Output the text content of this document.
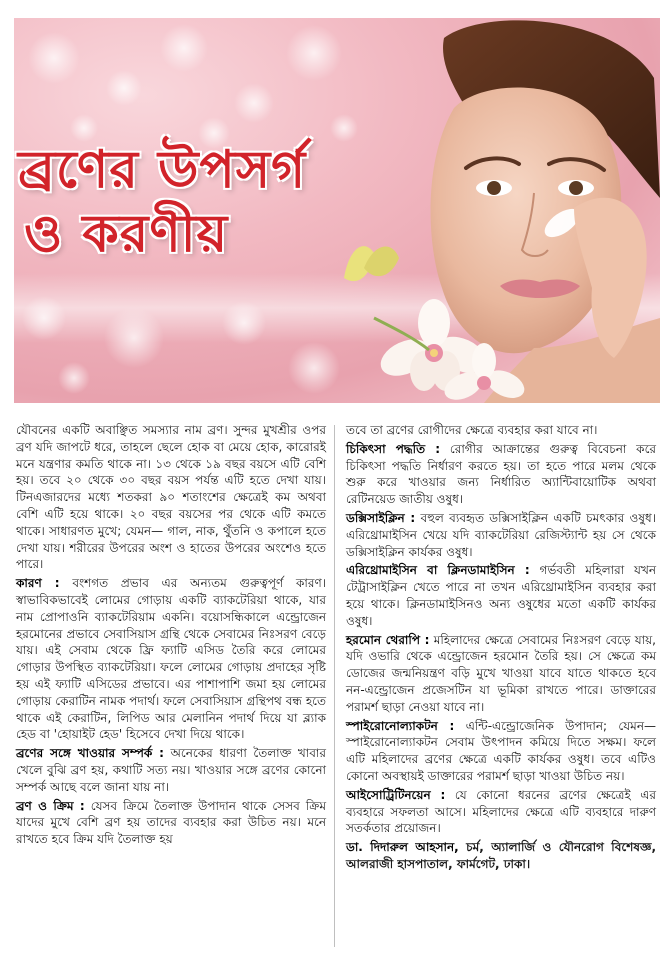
ব্রণের উপসর্গ
ও করণীয়

যৌবনের একটি অবাঞ্ছিত সমস্যার নাম ব্রণ। সুন্দর মুখশ্রীর ওপর ব্রণ যদি জাপটে ধরে, তাহলে ছেলে হোক বা মেয়ে হোক, কারোরই মনে যন্ত্রণার কমতি থাকে না। ১৩ থেকে ১৯ বছর বয়সে এটি বেশি হয়। তবে ২০ থেকে ৩০ বছর বয়স পর্যন্ত এটি হতে দেখা যায়। টিনএজারদের মধ্যে শতকরা ৯০ শতাংশের ক্ষেত্রেই কম অথবা বেশি এটি হয়ে থাকে। ২০ বছর বয়সের পর থেকে এটি কমতে থাকে। সাধারণত মুখে; যেমন— গাল, নাক, থুঁতনি ও কপালে হতে দেখা যায়। শরীরের উপরের অংশ ও হাতের উপরের অংশেও হতে পারে।

কারণ : বংশগত প্রভাব এর অন্যতম গুরুত্বপূর্ণ কারণ। স্বাভাবিকভাবেই লোমের গোড়ায় একটি ব্যাকটেরিয়া থাকে, যার নাম প্রোপাওনি ব্যাকটেরিয়াম একনি। বয়োসন্ধিকালে এন্ড্রোজেন হরমোনের প্রভাবে সেবাসিয়াস গ্রন্থি থেকে সেবামের নিঃসরণ বেড়ে যায়। এই সেবাম থেকে ফ্রি ফ্যাটি এসিড তৈরি করে লোমের গোড়ার উপস্থিত ব্যাকটেরিয়া। ফলে লোমের গোড়ায় প্রদাহের সৃষ্টি হয় এই ফ্যাটি এসিডের প্রভাবে। এর পাশাপাশি জমা হয় লোমের গোড়ায় কেরাটিন নামক পদার্থ। ফলে সেবাসিয়াস গ্রন্থিপথ বন্ধ হতে থাকে এই কেরাটিন, লিপিড আর মেলানিন পদার্থ দিয়ে যা ব্ল্যাক হেড বা 'হোয়াইট হেড' হিসেবে দেখা দিয়ে থাকে।

ব্রণের সঙ্গে খাওয়ার সম্পর্ক : অনেকের ধারণা তৈলাক্ত খাবার খেলে বুঝি ব্রণ হয়, কথাটি সত্য নয়। খাওয়ার সঙ্গে ব্রণের কোনো সম্পর্ক আছে বলে জানা যায় না।

ব্রণ ও ক্রিম : যেসব ক্রিমে তৈলাক্ত উপাদান থাকে সেসব ক্রিম যাদের মুখে বেশি ব্রণ হয় তাদের ব্যবহার করা উচিত নয়। মনে রাখতে হবে ক্রিম যদি তৈলাক্ত হয়

তবে তা ব্রণের রোগীদের ক্ষেত্রে ব্যবহার করা যাবে না।

চিকিৎসা পদ্ধতি : রোগীর আক্রান্তের গুরুত্ব বিবেচনা করে চিকিৎসা পদ্ধতি নির্ধারণ করতে হয়। তা হতে পারে মলম থেকে শুরু করে খাওয়ার জন্য নির্ধারিত অ্যান্টিবায়োটিক অথবা রেটিনয়েড জাতীয় ওষুধ।

ডক্সিসাইক্লিন : বহুল ব্যবহৃত ডক্সিসাইক্লিন একটি চমৎকার ওষুধ। এরিথ্রোমাইসিন খেয়ে যদি ব্যাকটেরিয়া রেজিস্ট্যান্ট হয় সে থেকে ডক্সিসাইক্লিন কার্যকর ওষুধ।

এরিথ্রোমাইসিন বা ক্লিনডামাইসিন : গর্ভবতী মহিলারা যখন টেট্রাসাইক্লিন খেতে পারে না তখন এরিথ্রোমাইসিন ব্যবহার করা হয়ে থাকে। ক্লিনডামাইসিনও অন্য ওষুধের মতো একটি কার্যকর ওষুধ।

হরমোন থেরাপি : মহিলাদের ক্ষেত্রে সেবামের নিঃসরণ বেড়ে যায়, যদি ওভারি থেকে এন্ড্রোজেন হরমোন তৈরি হয়। সে ক্ষেত্রে কম ডোজের জন্মনিয়ন্ত্রণ বড়ি মুখে খাওয়া যাবে যাতে থাকতে হবে নন-এন্ড্রোজেন প্রজেসটিন যা ভূমিকা রাখতে পারে। ডাক্তারের পরামর্শ ছাড়া নেওয়া যাবে না।

স্পাইরোনোল্যাকটন : এন্টি-এন্ড্রোজেনিক উপাদান; যেমন— স্পাইরোনোল্যাকটন সেবাম উৎপাদন কমিয়ে দিতে সক্ষম। ফলে এটি মহিলাদের ব্রণের ক্ষেত্রে একটি কার্যকর ওষুধ। তবে এটিও কোনো অবস্থায়ই ডাক্তারের পরামর্শ ছাড়া খাওয়া উচিত নয়।

আইসোট্রিটিনয়েন : যে কোনো ধরনের ব্রণের ক্ষেত্রেই এর ব্যবহারে সফলতা আসে। মহিলাদের ক্ষেত্রে এটি ব্যবহারে দারুণ সতর্কতার প্রয়োজন।

ডা. দিদারুল আহসান, চর্ম, অ্যালার্জি ও যৌনরোগ বিশেষজ্ঞ, আলরাজী হাসপাতাল, ফার্মগেট, ঢাকা।
